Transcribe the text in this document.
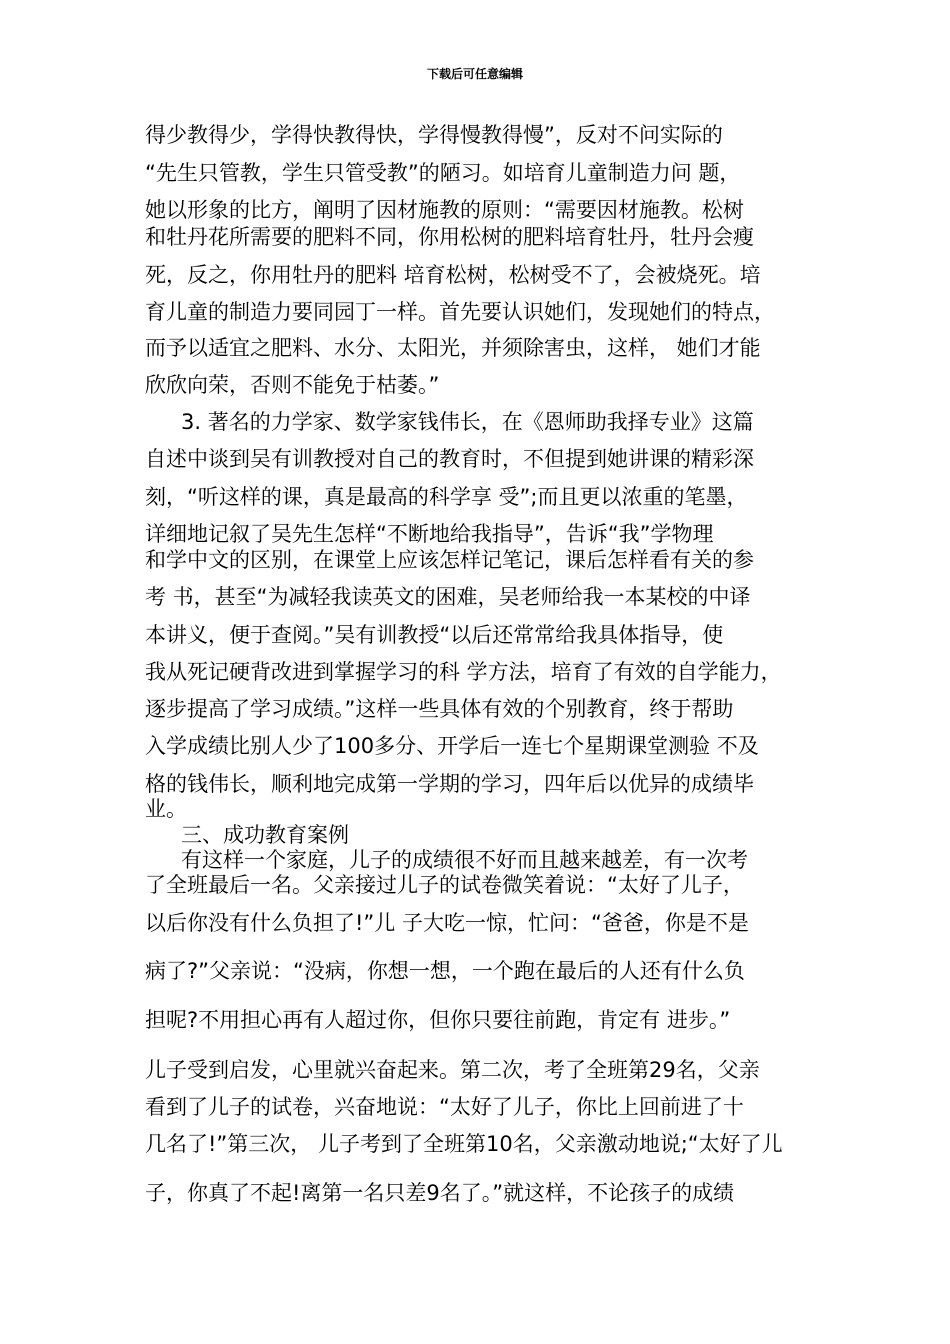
下载后可任意编辑
得少教得少，学得快教得快，学得慢教得慢”，反对不问实际的
“先生只管教，学生只管受教”的陋习。如培育儿童制造力问 题，
她以形象的比方，阐明了因材施教的原则：“需要因材施教。松树
和牡丹花所需要的肥料不同，你用松树的肥料培育牡丹，牡丹会瘦
死，反之，你用牡丹的肥料 培育松树，松树受不了，会被烧死。培
育儿童的制造力要同园丁一样。首先要认识她们，发现她们的特点，
而予以适宜之肥料、水分、太阳光，并须除害虫，这样， 她们才能
欣欣向荣，否则不能免于枯萎。”
3. 著名的力学家、数学家钱伟长，在《恩师助我择专业》这篇
自述中谈到吴有训教授对自己的教育时，不但提到她讲课的精彩深
刻，“听这样的课，真是最高的科学享 受”;而且更以浓重的笔墨，
详细地记叙了吴先生怎样“不断地给我指导”，告诉“我”学物理
和学中文的区别，在课堂上应该怎样记笔记，课后怎样看有关的参
考 书，甚至“为减轻我读英文的困难，吴老师给我一本某校的中译
本讲义，便于查阅。”吴有训教授“以后还常常给我具体指导，使
我从死记硬背改进到掌握学习的科 学方法，培育了有效的自学能力，
逐步提高了学习成绩。”这样一些具体有效的个别教育，终于帮助
入学成绩比别人少了100多分、开学后一连七个星期课堂测验 不及
格的钱伟长，顺利地完成第一学期的学习，四年后以优异的成绩毕
业。
三、成功教育案例
有这样一个家庭，儿子的成绩很不好而且越来越差，有一次考
了全班最后一名。父亲接过儿子的试卷微笑着说：“太好了儿子，
以后你没有什么负担了!”儿 子大吃一惊，忙问：“爸爸，你是不是
病了?”父亲说：“没病，你想一想，一个跑在最后的人还有什么负
担呢?不用担心再有人超过你，但你只要往前跑，肯定有 进步。”
儿子受到启发，心里就兴奋起来。第二次，考了全班第29名，父亲
看到了儿子的试卷，兴奋地说：“太好了儿子，你比上回前进了十
几名了!”第三次， 儿子考到了全班第10名，父亲激动地说;“太好了儿
子，你真了不起!离第一名只差9名了。”就这样，不论孩子的成绩
